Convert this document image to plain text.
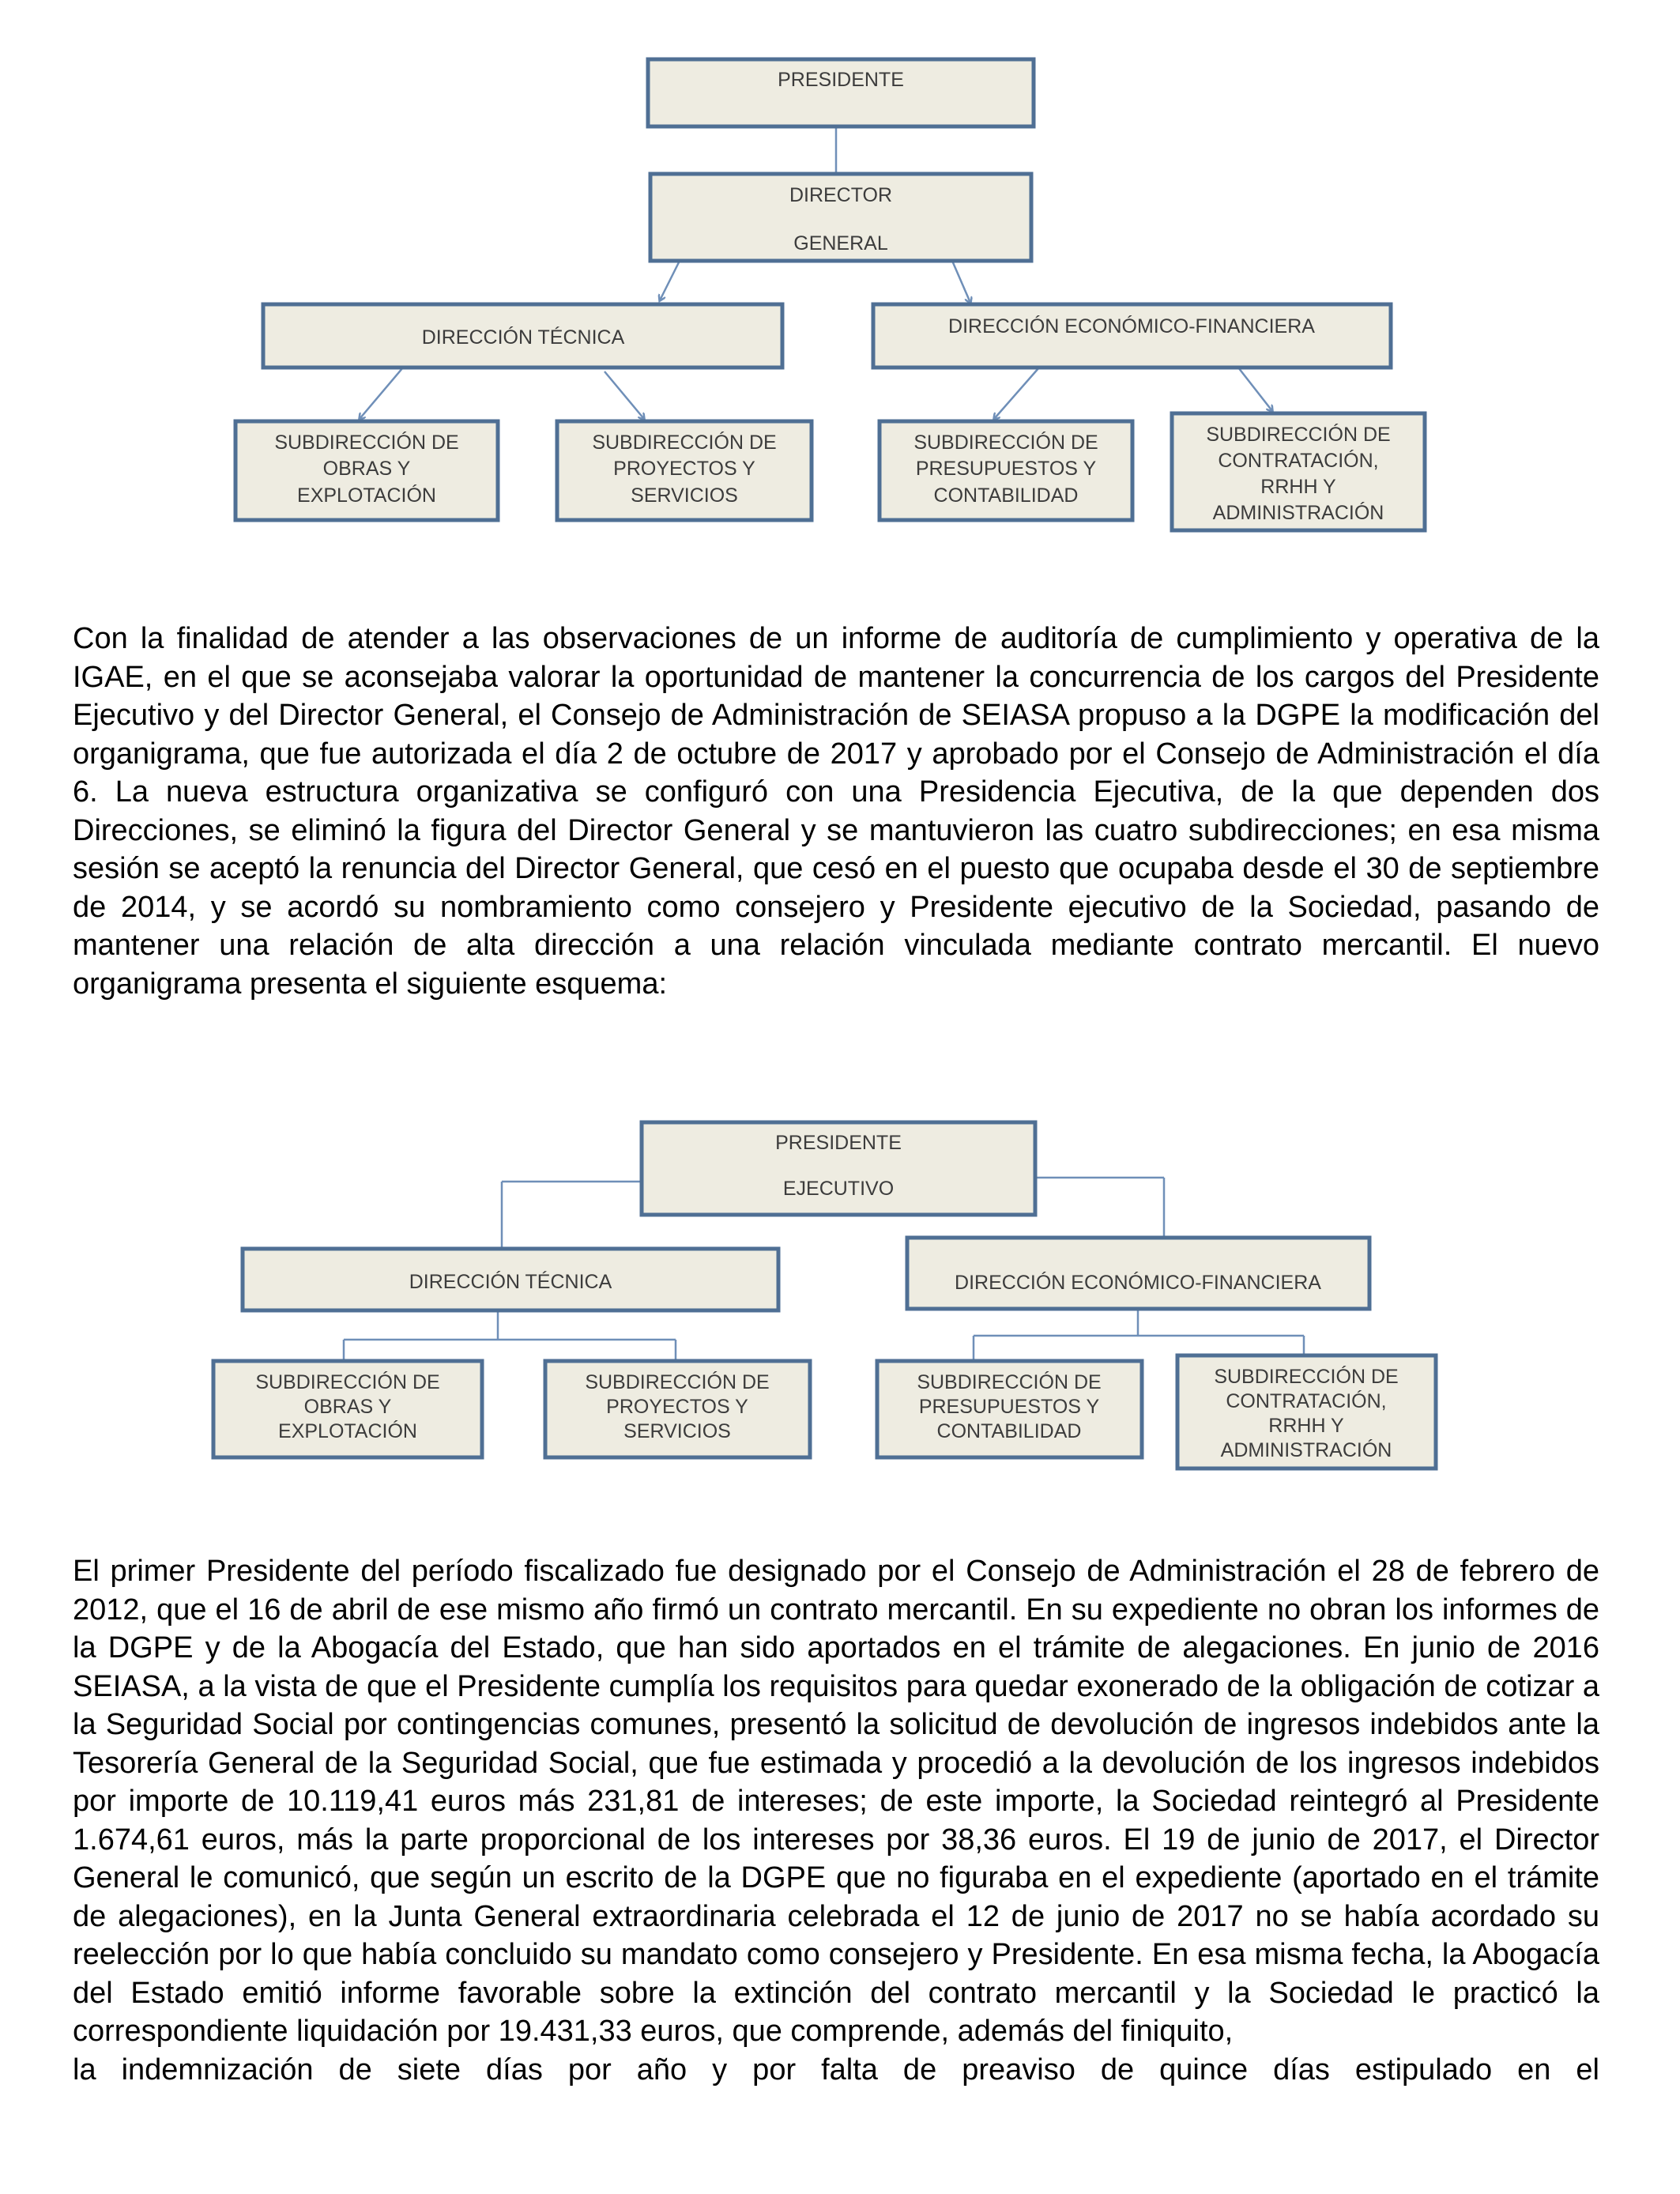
PRESIDENTE
DIRECTOR
GENERAL
DIRECCIÓN TÉCNICA	DIRECCIÓN ECONÓMICO-FINANCIERA
SUBDIRECCIÓN DE
OBRAS Y
EXPLOTACIÓN
SUBDIRECCIÓN DE
PROYECTOS Y
SERVICIOS
SUBDIRECCIÓN DE
PRESUPUESTOS Y
CONTABILIDAD
SUBDIRECCIÓN DE
CONTRATACIÓN,
RRHH Y
ADMINISTRACIÓN

Con la finalidad de atender a las observaciones de un informe de auditoría de cumplimiento y operativa de la IGAE, en el que se aconsejaba valorar la oportunidad de mantener la concurrencia de los cargos del Presidente Ejecutivo y del Director General, el Consejo de Administración de SEIASA propuso a la DGPE la modificación del organigrama, que fue autorizada el día 2 de octubre de 2017 y aprobado por el Consejo de Administración el día 6. La nueva estructura organizativa se configuró con una Presidencia Ejecutiva, de la que dependen dos Direcciones, se eliminó la figura del Director General y se mantuvieron las cuatro subdirecciones; en esa misma sesión se aceptó la renuncia del Director General, que cesó en el puesto que ocupaba desde el 30 de septiembre de 2014, y se acordó su nombramiento como consejero y Presidente ejecutivo de la Sociedad, pasando de mantener una relación de alta dirección a una relación vinculada mediante contrato mercantil. El nuevo organigrama presenta el siguiente esquema:

PRESIDENTE
EJECUTIVO
DIRECCIÓN TÉCNICA	DIRECCIÓN ECONÓMICO-FINANCIERA
SUBDIRECCIÓN DE
OBRAS Y
EXPLOTACIÓN
SUBDIRECCIÓN DE
PROYECTOS Y
SERVICIOS
SUBDIRECCIÓN DE
PRESUPUESTOS Y
CONTABILIDAD
SUBDIRECCIÓN DE
CONTRATACIÓN,
RRHH Y
ADMINISTRACIÓN

El primer Presidente del período fiscalizado fue designado por el Consejo de Administración el 28 de febrero de 2012, que el 16 de abril de ese mismo año firmó un contrato mercantil. En su expediente no obran los informes de la DGPE y de la Abogacía del Estado, que han sido aportados en el trámite de alegaciones. En junio de 2016 SEIASA, a la vista de que el Presidente cumplía los requisitos para quedar exonerado de la obligación de cotizar a la Seguridad Social por contingencias comunes, presentó la solicitud de devolución de ingresos indebidos ante la Tesorería General de la Seguridad Social, que fue estimada y procedió a la devolución de los ingresos indebidos por importe de 10.119,41 euros más 231,81 de intereses; de este importe, la Sociedad reintegró al Presidente 1.674,61 euros, más la parte proporcional de los intereses por 38,36 euros. El 19 de junio de 2017, el Director General le comunicó, que según un escrito de la DGPE que no figuraba en el expediente (aportado en el trámite de alegaciones), en la Junta General extraordinaria celebrada el 12 de junio de 2017 no se había acordado su reelección por lo que había concluido su mandato como consejero y Presidente. En esa misma fecha, la Abogacía del Estado emitió informe favorable sobre la extinción del contrato mercantil y la Sociedad le practicó la correspondiente liquidación por 19.431,33 euros, que comprende, además del finiquito,
la indemnización de siete días por año y por falta de preaviso de quince días estipulado en el
